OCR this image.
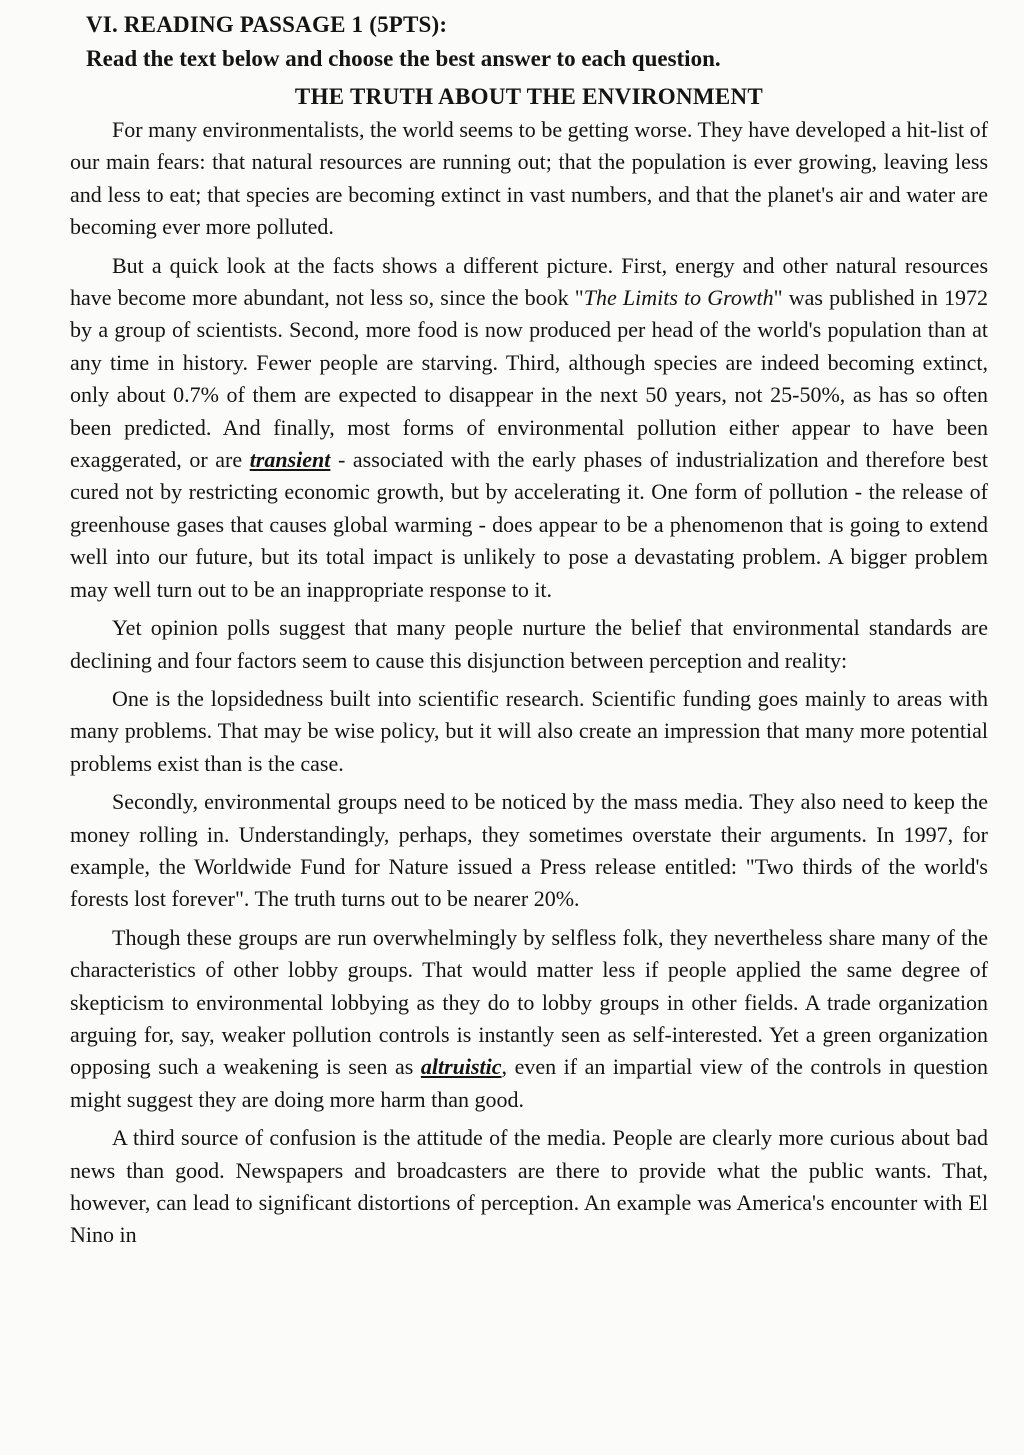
VI. READING PASSAGE 1 (5PTS):
Read the text below and choose the best answer to each question.
THE TRUTH ABOUT THE ENVIRONMENT

For many environmentalists, the world seems to be getting worse. They have developed a hit-list of our main fears: that natural resources are running out; that the population is ever growing, leaving less and less to eat; that species are becoming extinct in vast numbers, and that the planet's air and water are becoming ever more polluted.

But a quick look at the facts shows a different picture. First, energy and other natural resources have become more abundant, not less so, since the book "The Limits to Growth" was published in 1972 by a group of scientists. Second, more food is now produced per head of the world's population than at any time in history. Fewer people are starving. Third, although species are indeed becoming extinct, only about 0.7% of them are expected to disappear in the next 50 years, not 25-50%, as has so often been predicted. And finally, most forms of environmental pollution either appear to have been exaggerated, or are transient - associated with the early phases of industrialization and therefore best cured not by restricting economic growth, but by accelerating it. One form of pollution - the release of greenhouse gases that causes global warming - does appear to be a phenomenon that is going to extend well into our future, but its total impact is unlikely to pose a devastating problem. A bigger problem may well turn out to be an inappropriate response to it.

Yet opinion polls suggest that many people nurture the belief that environmental standards are declining and four factors seem to cause this disjunction between perception and reality:

One is the lopsidedness built into scientific research. Scientific funding goes mainly to areas with many problems. That may be wise policy, but it will also create an impression that many more potential problems exist than is the case.

Secondly, environmental groups need to be noticed by the mass media. They also need to keep the money rolling in. Understandingly, perhaps, they sometimes overstate their arguments. In 1997, for example, the Worldwide Fund for Nature issued a Press release entitled: "Two thirds of the world's forests lost forever". The truth turns out to be nearer 20%.

Though these groups are run overwhelmingly by selfless folk, they nevertheless share many of the characteristics of other lobby groups. That would matter less if people applied the same degree of skepticism to environmental lobbying as they do to lobby groups in other fields. A trade organization arguing for, say, weaker pollution controls is instantly seen as self-interested. Yet a green organization opposing such a weakening is seen as altruistic, even if an impartial view of the controls in question might suggest they are doing more harm than good.

A third source of confusion is the attitude of the media. People are clearly more curious about bad news than good. Newspapers and broadcasters are there to provide what the public wants. That, however, can lead to significant distortions of perception. An example was America's encounter with El Nino in
